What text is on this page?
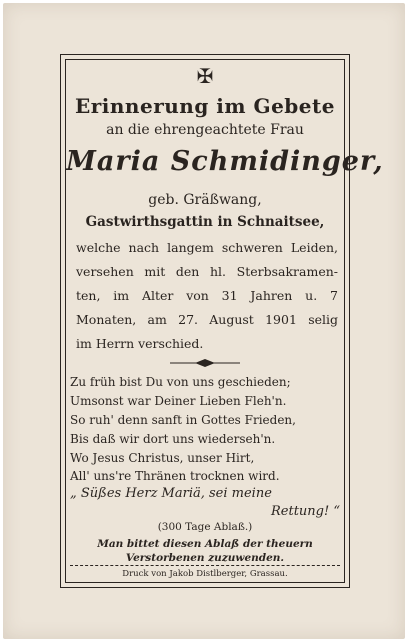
✠
Erinnerung im Gebete
an die ehrengeachtete Frau
Maria Schmidinger,
geb. Gräßwang,
Gastwirthsgattin in Schnaitsee,
welche nach langem schweren Leiden,
versehen mit den hl. Sterbsakramen-
ten, im Alter von 31 Jahren u. 7
Monaten, am 27. August 1901 selig
im Herrn verschied.
Zu früh bist Du von uns geschieden;
Umsonst war Deiner Lieben Fleh'n.
So ruh' denn sanft in Gottes Frieden,
Bis daß wir dort uns wiederseh'n.
Wo Jesus Christus, unser Hirt,
All' uns're Thränen trocknen wird.
„ Süßes Herz Mariä, sei meine
Rettung! “
(300 Tage Ablaß.)
Man bittet diesen Ablaß der theuern
Verstorbenen zuzuwenden.
Druck von Jakob Distlberger, Grassau.
